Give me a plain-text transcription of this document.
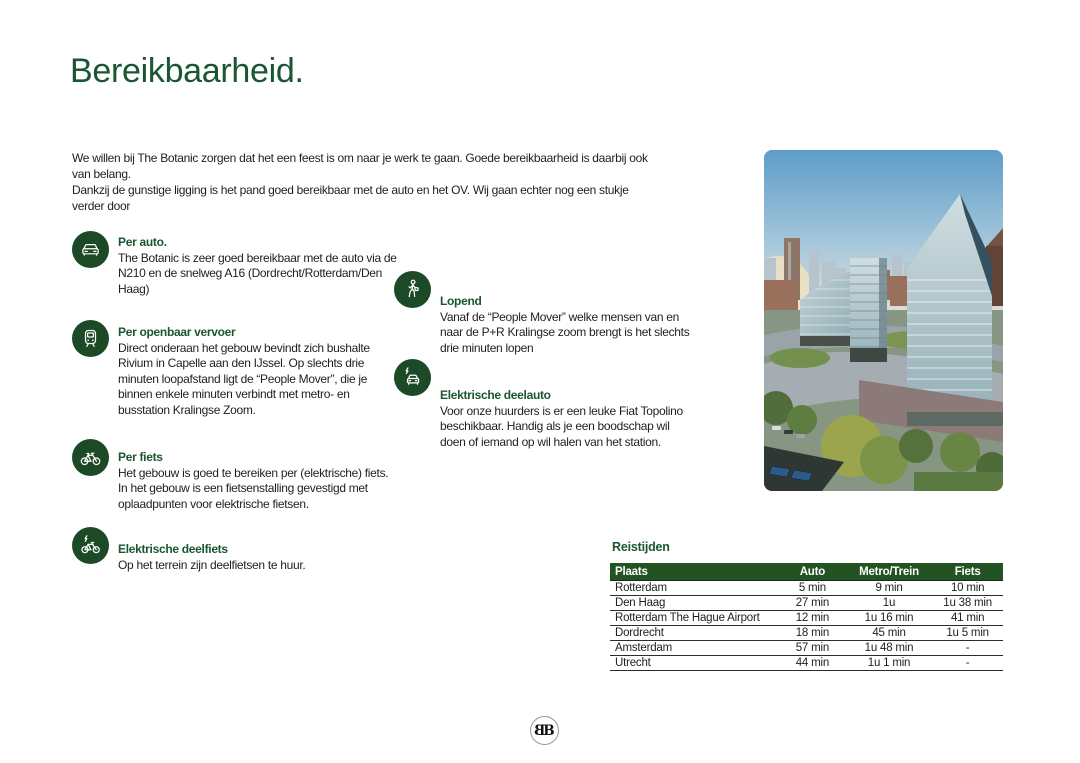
Bereikbaarheid.

We willen bij The Botanic zorgen dat het een feest is om naar je werk te gaan. Goede bereikbaarheid is daarbij ook van belang.

Dankzij de gunstige ligging is het pand goed bereikbaar met de auto en het OV. Wij gaan echter nog een stukje verder door

Per auto.
The Botanic is zeer goed bereikbaar met de auto via de N210 en de snelweg A16 (Dordrecht/Rotterdam/Den Haag)
Per openbaar vervoer
Direct onderaan het gebouw bevindt zich bushalte Rivium in Capelle aan den IJssel. Op slechts drie minuten loopafstand ligt de “People Mover”, die je binnen enkele minuten verbindt met metro- en busstation Kralingse Zoom.
Per fiets
Het gebouw is goed te bereiken per (elektrische) fiets. In het gebouw is een fietsenstalling gevestigd met oplaadpunten voor elektrische fietsen.
Elektrische deelfiets
Op het terrein zijn deelfietsen te huur.
Lopend
Vanaf de “People Mover” welke mensen van en naar de P+R Kralingse zoom brengt is het slechts drie minuten lopen
Elektrische deelauto
Voor onze huurders is er een leuke Fiat Topolino beschikbaar. Handig als je een boodschap wil doen of iemand op wil halen van het station.

Reistijden

Plaats	Auto	Metro/Trein	Fiets
Rotterdam	5 min	9 min	10 min
Den Haag	27 min	1u	1u 38 min
Rotterdam The Hague Airport	12 min	1u 16 min	41 min
Dordrecht	18 min	45 min	1u 5 min
Amsterdam	57 min	1u 48 min	-
Utrecht	44 min	1u 1 min	-
B
B
